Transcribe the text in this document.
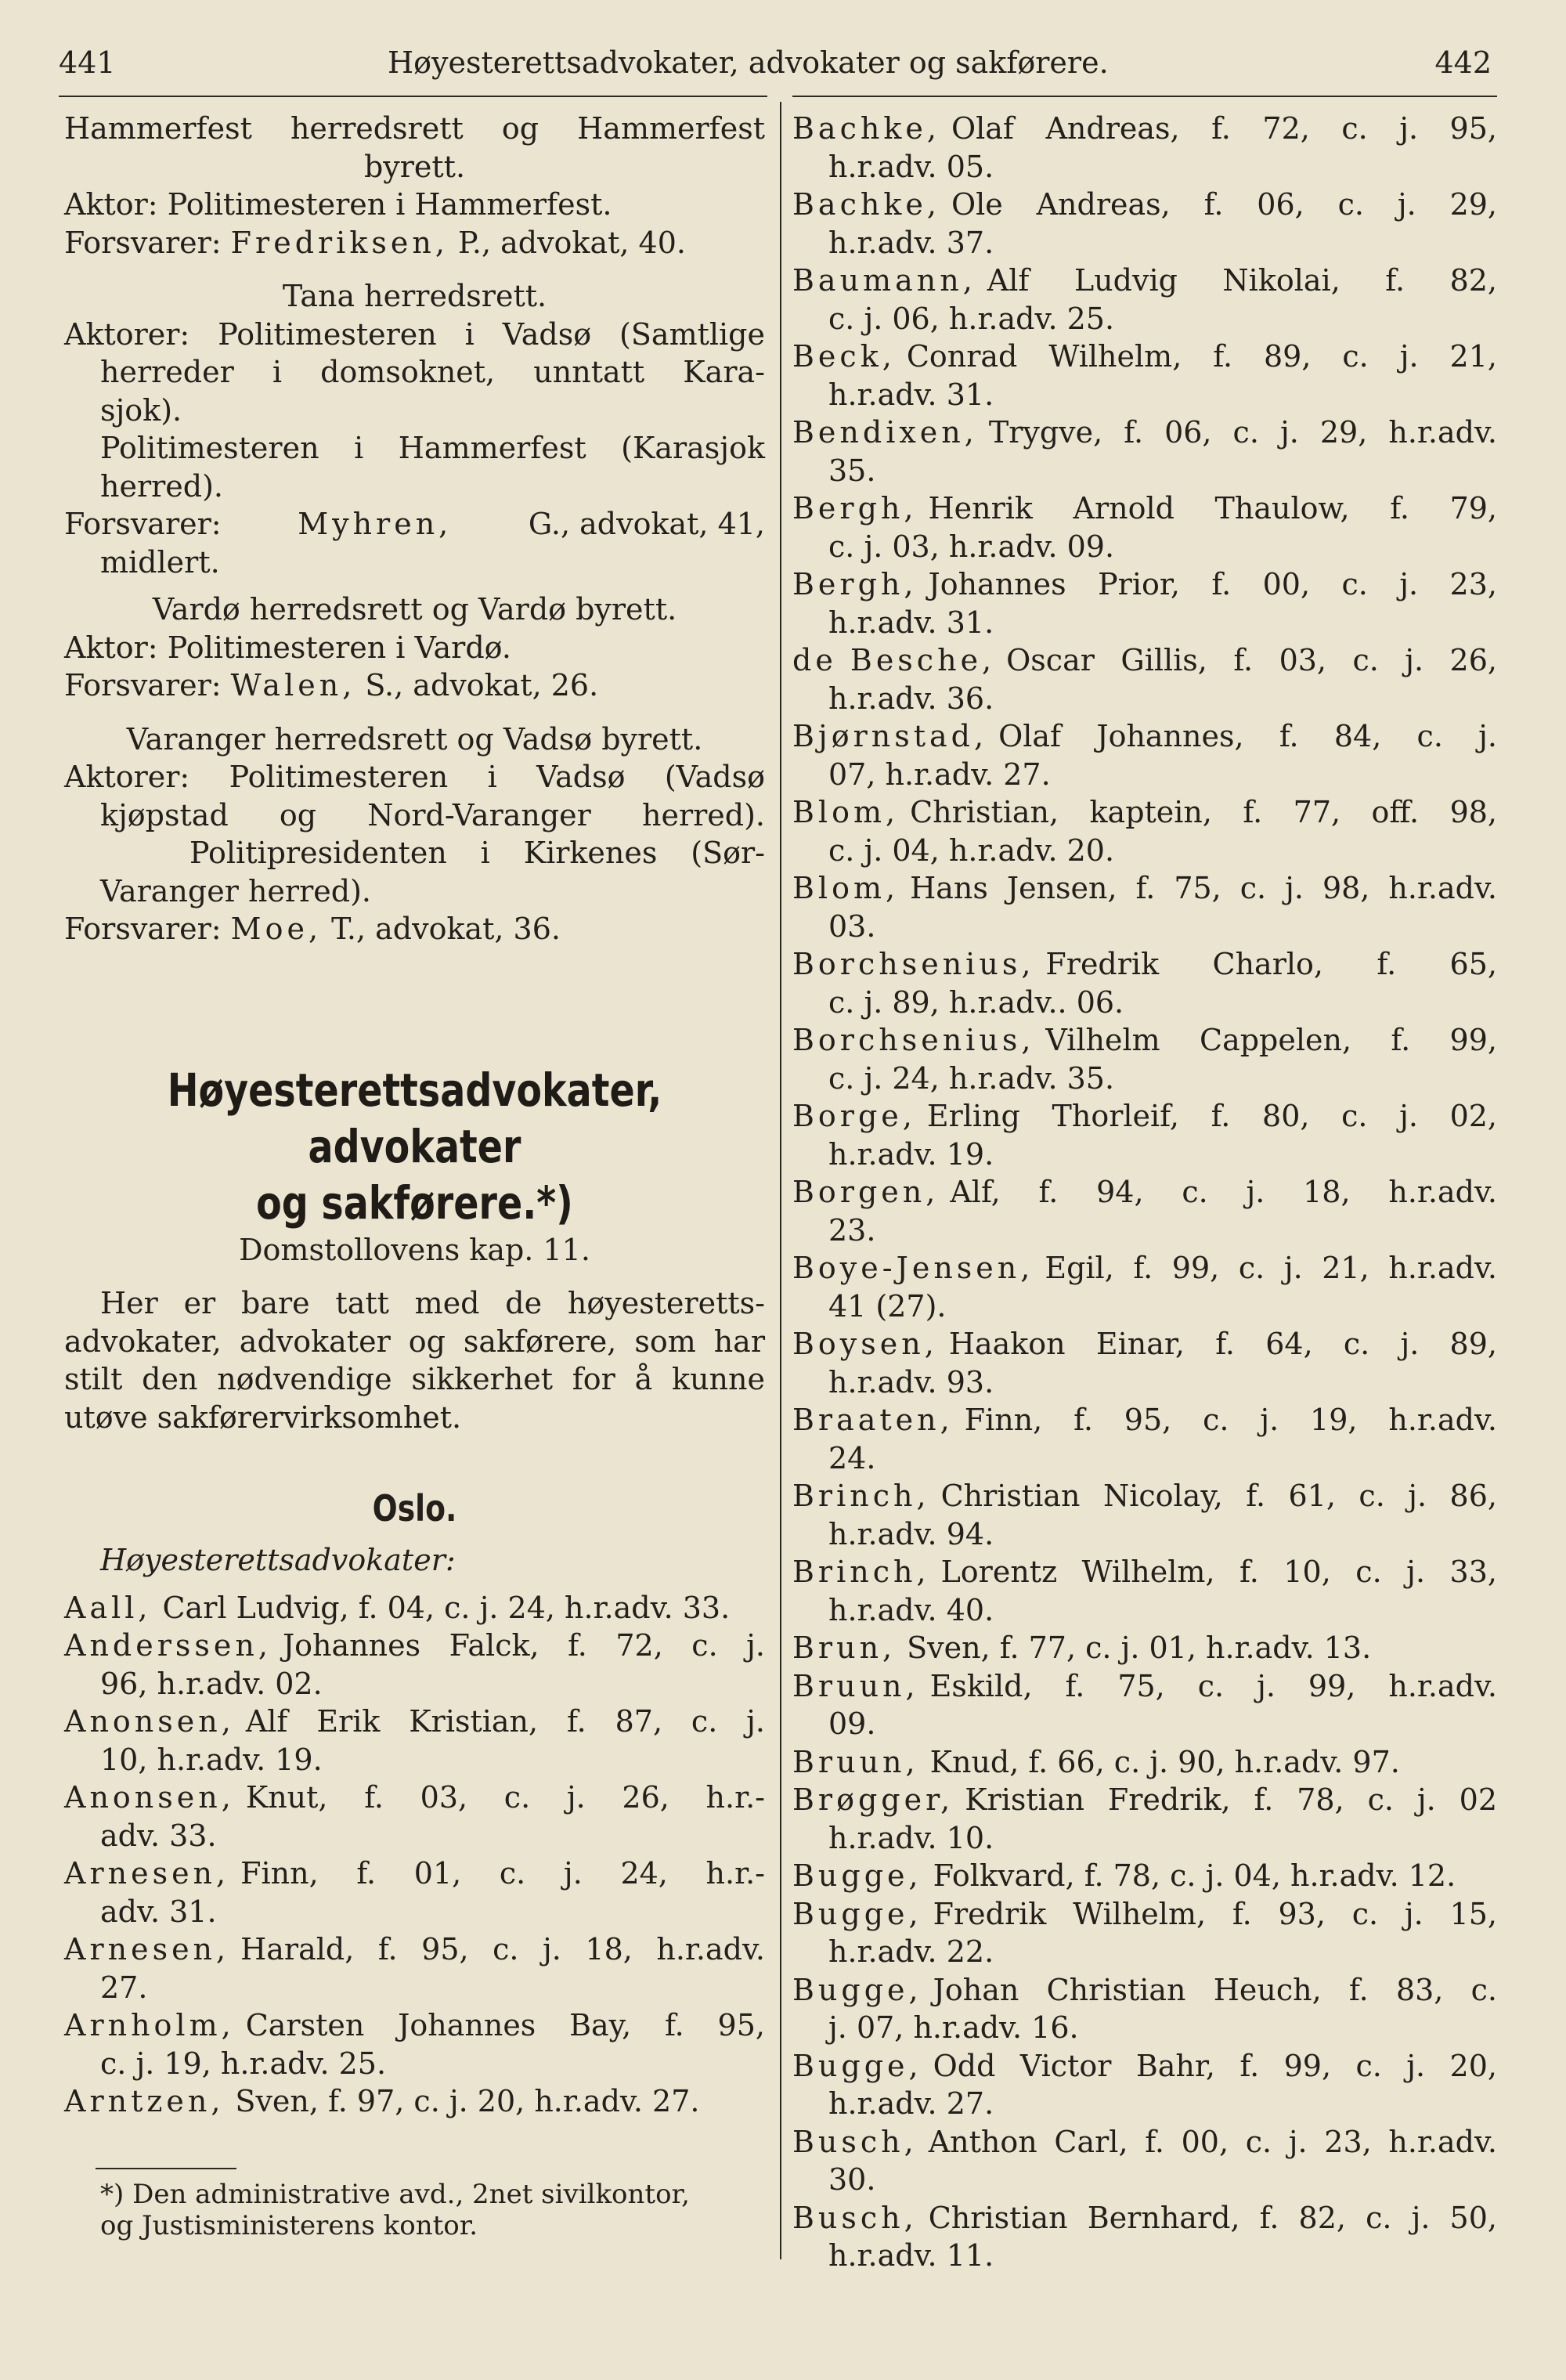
441	Høyesterettsadvokater, advokater og sakførere.	442
Hammerfest herredsrett og Hammerfest
byrett.
Aktor: Politimesteren i Hammerfest.
Forsvarer: Fredriksen, P., advokat, 40.
Tana herredsrett.
Aktorer: Politimesteren i Vadsø (Samtlige
herreder i domsoknet, unntatt Kara-
sjok).
Politimesteren i Hammerfest (Karasjok
herred).
Forsvarer:	Myhren,	G., advokat, 41,
midlert.
Vardø herredsrett og Vardø byrett.
Aktor: Politimesteren i Vardø.
Forsvarer: Walen, S., advokat, 26.
Varanger herredsrett og Vadsø byrett.
Aktorer: Politimesteren i Vadsø (Vadsø
kjøpstad og Nord-Varanger herred).
Politipresidenten i Kirkenes (Sør-
Varanger herred).
Forsvarer: Moe, T., advokat, 36.
Høyesterettsadvokater, advokater
og sakførere.*)
Domstollovens kap. 11.
Her er bare tatt med de høyesteretts-
advokater, advokater og sakførere, som har
stilt den nødvendige sikkerhet for å kunne
utøve sakførervirksomhet.
Oslo.
Høyesterettsadvokater:
Aall, Carl Ludvig, f. 04, c. j. 24, h.r.adv. 33.
Anderssen, Johannes Falck, f. 72, c. j.
96, h.r.adv. 02.
Anonsen, Alf Erik Kristian, f. 87, c. j.
10, h.r.adv. 19.
Anonsen, Knut, f. 03, c. j. 26, h.r.-
adv. 33.
Arnesen, Finn, f. 01, c. j. 24, h.r.-
adv. 31.
Arnesen, Harald, f. 95, c. j. 18, h.r.adv.
27.
Arnholm, Carsten Johannes Bay, f. 95,
c. j. 19, h.r.adv. 25.
Arntzen, Sven, f. 97, c. j. 20, h.r.adv. 27.
*) Den administrative avd., 2net sivilkontor,
og Justisministerens kontor.
Bachke, Olaf Andreas, f. 72, c. j. 95,
h.r.adv. 05.
Bachke, Ole Andreas, f. 06, c. j. 29,
h.r.adv. 37.
Baumann, Alf Ludvig Nikolai, f. 82,
c. j. 06, h.r.adv. 25.
Beck, Conrad Wilhelm, f. 89, c. j. 21,
h.r.adv. 31.
Bendixen, Trygve, f. 06, c. j. 29, h.r.adv.
35.
Bergh, Henrik Arnold Thaulow, f. 79,
c. j. 03, h.r.adv. 09.
Bergh, Johannes Prior, f. 00, c. j. 23,
h.r.adv. 31.
de Besche, Oscar Gillis, f. 03, c. j. 26,
h.r.adv. 36.
Bjørnstad, Olaf Johannes, f. 84, c. j.
07, h.r.adv. 27.
Blom, Christian, kaptein, f. 77, off. 98,
c. j. 04, h.r.adv. 20.
Blom, Hans Jensen, f. 75, c. j. 98, h.r.adv.
03.
Borchsenius, Fredrik Charlo, f. 65,
c. j. 89, h.r.adv.. 06.
Borchsenius, Vilhelm Cappelen, f. 99,
c. j. 24, h.r.adv. 35.
Borge, Erling Thorleif, f. 80, c. j. 02,
h.r.adv. 19.
Borgen, Alf, f. 94, c. j. 18, h.r.adv.
23.
Boye-Jensen, Egil, f. 99, c. j. 21, h.r.adv.
41 (27).
Boysen, Haakon Einar, f. 64, c. j. 89,
h.r.adv. 93.
Braaten, Finn, f. 95, c. j. 19, h.r.adv.
24.
Brinch, Christian Nicolay, f. 61, c. j. 86,
h.r.adv. 94.
Brinch, Lorentz Wilhelm, f. 10, c. j. 33,
h.r.adv. 40.
Brun, Sven, f. 77, c. j. 01, h.r.adv. 13.
Bruun, Eskild, f. 75, c. j. 99, h.r.adv.
09.
Bruun, Knud, f. 66, c. j. 90, h.r.adv. 97.
Brøgger, Kristian Fredrik, f. 78, c. j. 02
h.r.adv. 10.
Bugge, Folkvard, f. 78, c. j. 04, h.r.adv. 12.
Bugge, Fredrik Wilhelm, f. 93, c. j. 15,
h.r.adv. 22.
Bugge, Johan Christian Heuch, f. 83, c.
j. 07, h.r.adv. 16.
Bugge, Odd Victor Bahr, f. 99, c. j. 20,
h.r.adv. 27.
Busch, Anthon Carl, f. 00, c. j. 23, h.r.adv.
30.
Busch, Christian Bernhard, f. 82, c. j. 50,
h.r.adv. 11.
